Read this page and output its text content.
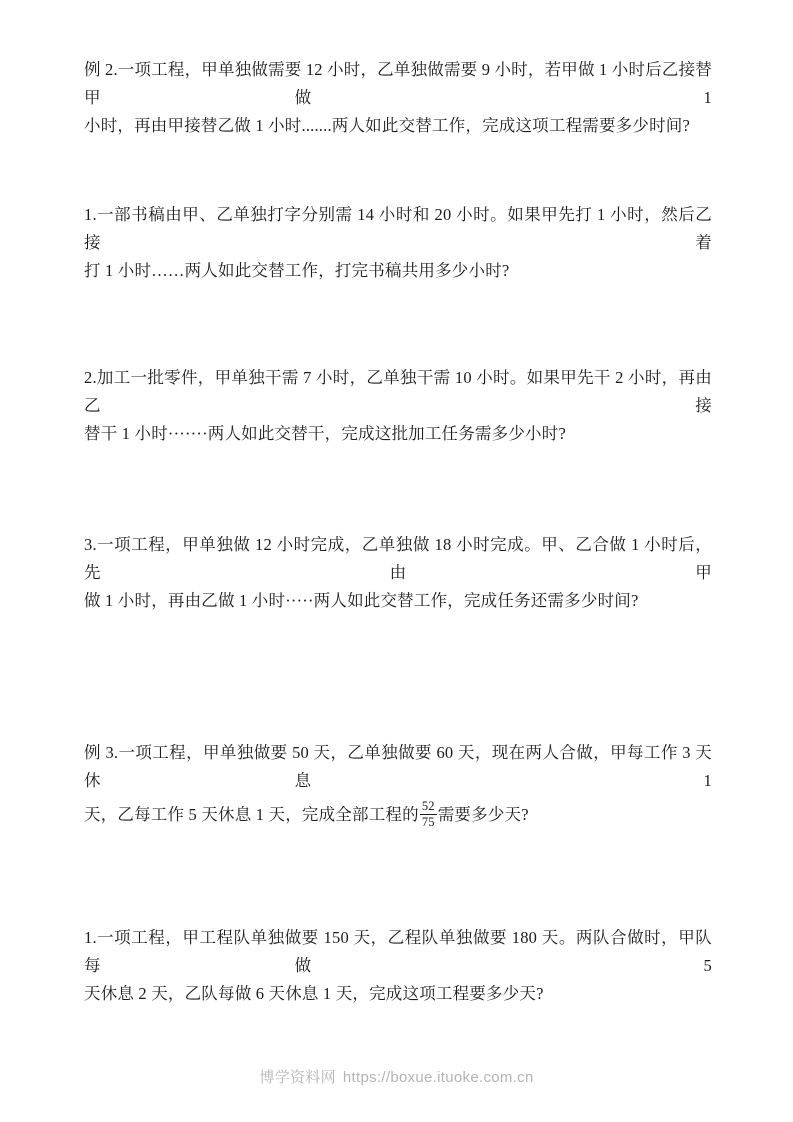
例 2.一项工程，甲单独做需要 12 小时，乙单独做需要 9 小时，若甲做 1 小时后乙接替甲做 1
小时，再由甲接替乙做 1 小时.......两人如此交替工作，完成这项工程需要多少时间?
1.一部书稿由甲、乙单独打字分别需 14 小时和 20 小时。如果甲先打 1 小时，然后乙接着
打 1 小时……两人如此交替工作，打完书稿共用多少小时?
2.加工一批零件，甲单独干需 7 小时，乙单独干需 10 小时。如果甲先干 2 小时，再由乙接
替干 1 小时·······两人如此交替干，完成这批加工任务需多少小时?
3.一项工程，甲单独做 12 小时完成，乙单独做 18 小时完成。甲、乙合做 1 小时后，先由甲
做 1 小时，再由乙做 1 小时·····两人如此交替工作，完成任务还需多少时间?
例 3.一项工程，甲单独做要 50 天，乙单独做要 60 天，现在两人合做，甲每工作 3 天休息 1
天，乙每工作 5 天休息 1 天，完成全部工程的 $\frac{52}{75}$ 需要多少天?
1.一项工程，甲工程队单独做要 150 天，乙程队单独做要 180 天。两队合做时，甲队每做 5
天休息 2 天，乙队每做 6 天休息 1 天，完成这项工程要多少天?
博学资料网 https://boxue.ituoke.com.cn
